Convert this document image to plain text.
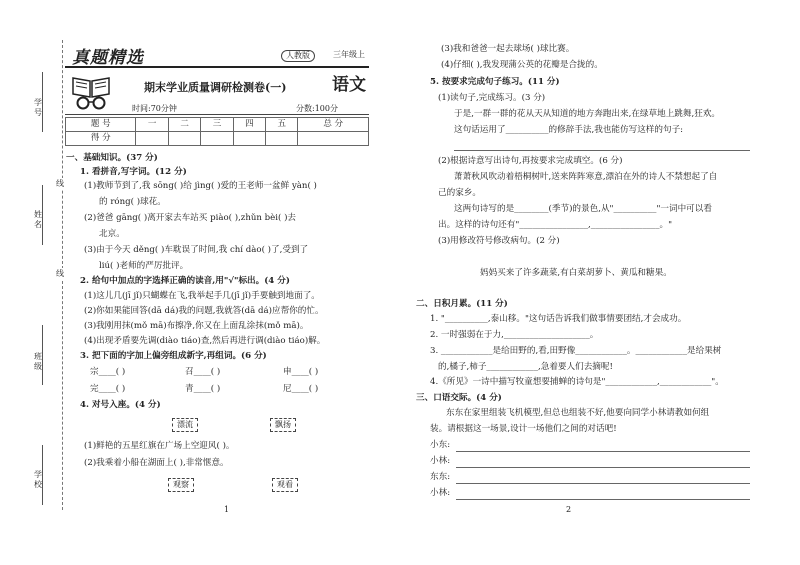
学 号
姓 名
班 级
学 校
线
线
真题精选	人教版	三年级上
期末学业质量调研检测卷(一)	语文
时间:70分钟	分数:100分
题 号	一	二	三	四	五	总 分
得 分						
一、基础知识。(37 分)
1. 看拼音,写字词。(12 分)
(1)教师节到了,我 sōng( )给 jìng( )爱的王老师一盆鲜 yàn( )
的 róng( )球花。
(2)爸爸 gāng( )离开家去车站买 piào( ),zhǔn bèi( )去
北京。
(3)由于今天 děng( )车耽误了时间,我 chí dào( )了,受到了
liú( )老师的严厉批评。
2. 给句中加点的字选择正确的读音,用"√"标出。(4 分)
(1)这儿几(jī jǐ)只蝴蝶在飞,我举起手几(jī jǐ)手要触到地面了。
(2)你如果能回答(dā dá)我的问题,我就答(dā dá)应帮你的忙。
(3)我刚用抹(mǒ mā)布擦净,你又在上面乱涂抹(mǒ mā)。
(4)出现矛盾要先调(diào tiáo)查,然后再进行调(diào tiáo)解。
3. 把下面的字加上偏旁组成新字,再组词。(6 分)
宗____( )	召____( )	申____( )
完____( )	青____( )	尼____( )
4. 对号入座。(4 分)
漂流	飘扬
(1)鲜艳的五星红旗在广场上空迎风( )。
(2)我乘着小船在湖面上( ),非常惬意。
观察	观看
1
(3)我和爸爸一起去球场( )球比赛。
(4)仔细( ),我发现蒲公英的花瓣是合拢的。
5. 按要求完成句子练习。(11 分)
(1)读句子,完成练习。(3 分)
于是,一群一群的花从天从知道的地方奔跑出来,在绿草地上跳舞,狂欢。
这句话运用了__________的修辞手法,我也能仿写这样的句子:
(2)根据诗意写出诗句,再按要求完成填空。(6 分)
萧萧秋风吹动着梧桐树叶,送来阵阵寒意,漂泊在外的诗人不禁想起了自
己的家乡。
这两句诗写的是________(季节)的景色,从"__________"一词中可以看
出。这样的诗句还有"________________,________________。"
(3)用修改符号修改病句。(2 分)
妈妈买来了许多蔬菜,有白菜胡萝卜、黄瓜和糖果。
二、日积月累。(11 分)
1. "__________,泰山移。"这句话告诉我们做事情要团结,才会成功。
2. 一时强弱在于力,____________________。
3. ____________是给田野的,看,田野像____________。____________是给果树
的,橘子,柿子____________,急着要人们去摘呢!
4.《所见》一诗中描写牧童想要捕蝉的诗句是"____________,____________"。
三、口语交际。(4 分)
东东在家里组装飞机模型,但总也组装不好,他要向同学小林请教如何组
装。请根据这一场景,设计一场他们之间的对话吧!
小东:
小林:
东东:
小林:
2
